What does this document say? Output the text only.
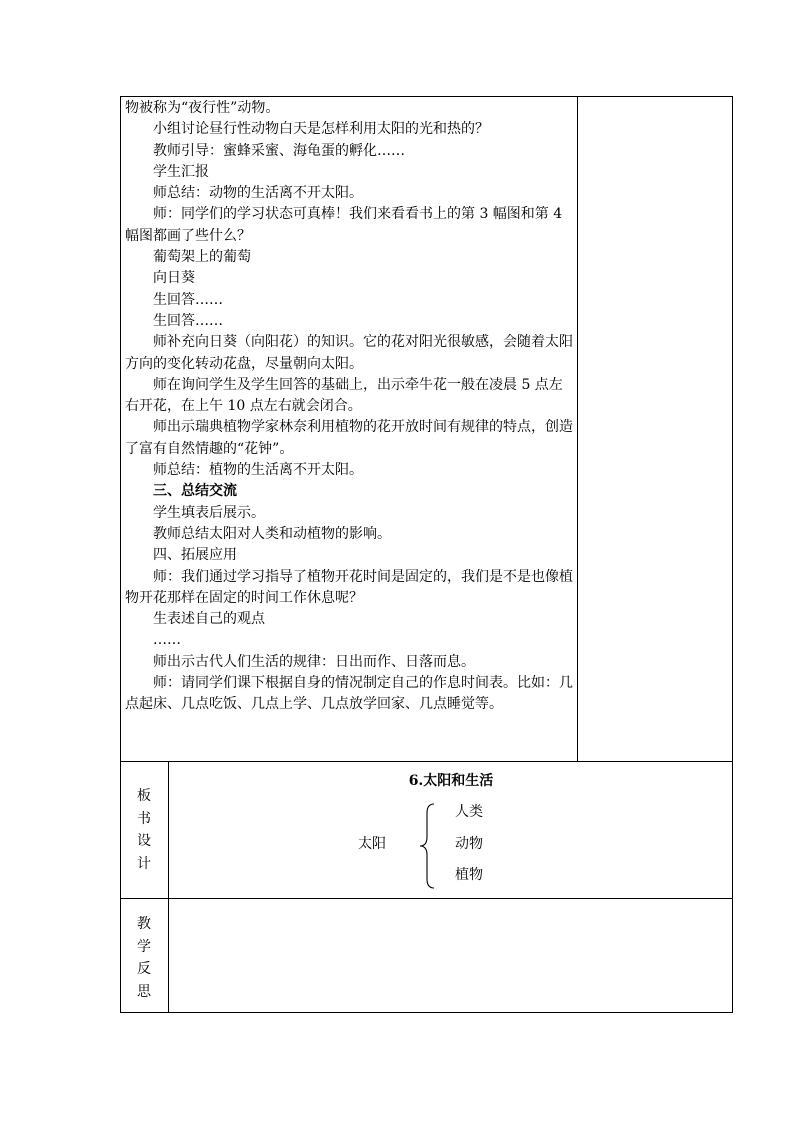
物被称为“夜行性”动物。

小组讨论昼行性动物白天是怎样利用太阳的光和热的？

教师引导：蜜蜂采蜜、海龟蛋的孵化……

学生汇报

师总结：动物的生活离不开太阳。

师：同学们的学习状态可真棒！我们来看看书上的第 3 幅图和第 4 幅图都画了些什么？

葡萄架上的葡萄

向日葵

生回答……

生回答……

师补充向日葵（向阳花）的知识。它的花对阳光很敏感，会随着太阳方向的变化转动花盘，尽量朝向太阳。

师在询问学生及学生回答的基础上，出示牵牛花一般在凌晨 5 点左右开花，在上午 10 点左右就会闭合。

师出示瑞典植物学家林奈利用植物的花开放时间有规律的特点，创造了富有自然情趣的“花钟”。

师总结：植物的生活离不开太阳。

三、总结交流

学生填表后展示。

教师总结太阳对人类和动植物的影响。

四、拓展应用

师：我们通过学习指导了植物开花时间是固定的，我们是不是也像植物开花那样在固定的时间工作休息呢？

生表述自己的观点

……

师出示古代人们生活的规律：日出而作、日落而息。

师：请同学们课下根据自身的情况制定自己的作息时间表。比如：几点起床、几点吃饭、几点上学、几点放学回家、几点睡觉等。

板
书
设
计
6.太阳和生活
太阳
人类
动物
植物
教
学
反
思
